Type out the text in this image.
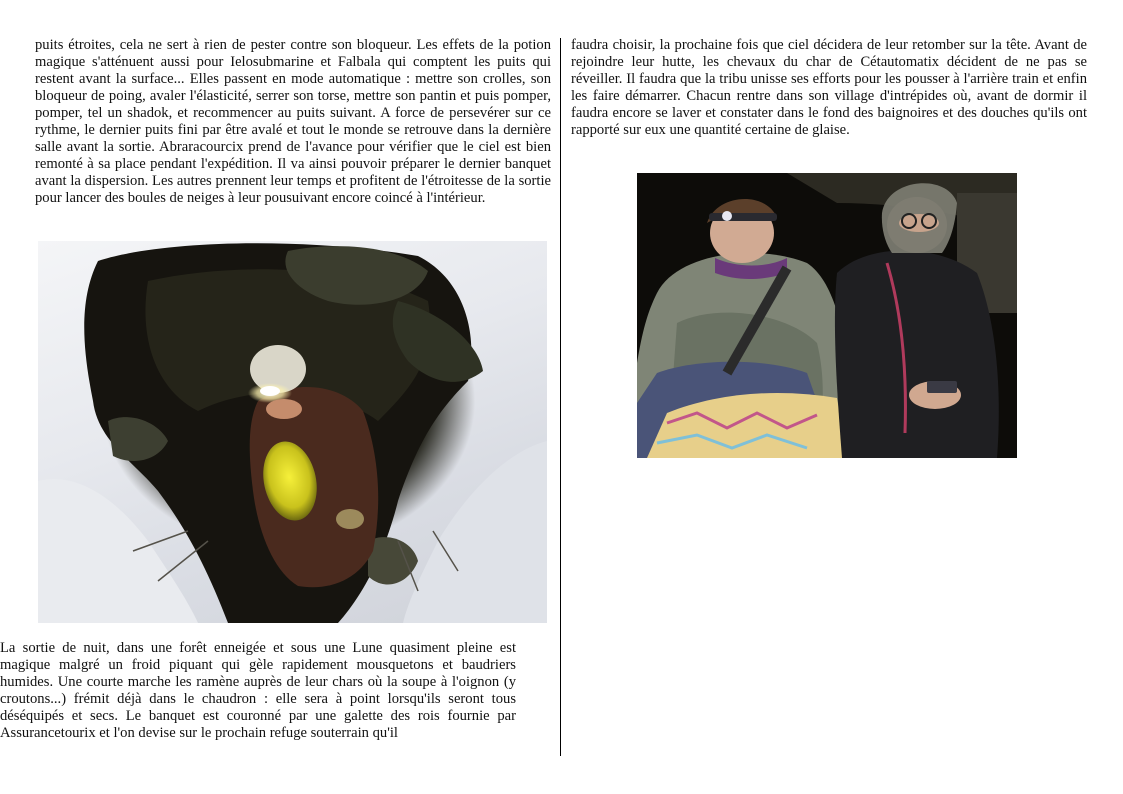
puits étroites, cela ne sert à rien de pester contre son bloqueur. Les effets de la potion magique s'atténuent aussi pour Ielosubmarine et Falbala qui comptent les puits qui restent avant la surface... Elles passent en mode automatique : mettre son crolles, son bloqueur de poing, avaler l'élasticité, serrer son torse, mettre son pantin et puis pomper, pomper, tel un shadok, et recommencer au puits suivant. A force de persevérer sur ce rythme, le dernier puits fini par être avalé et tout le monde se retrouve dans la dernière salle avant la sortie. Abraracourcix prend de l'avance pour vérifier que le ciel est bien remonté à sa place pendant l'expédition. Il va ainsi pouvoir préparer le dernier banquet avant la dispersion. Les autres prennent leur temps et profitent de l'étroitesse de la sortie pour lancer des boules de neiges à leur pousuivant encore coincé à l'intérieur.

La sortie de nuit, dans une forêt enneigée et sous une Lune quasiment pleine est magique malgré un froid piquant qui gèle rapidement mousquetons et baudriers humides. Une courte marche les ramène auprès de leur chars où la soupe à l'oignon (y croutons...) frémit déjà dans le chaudron : elle sera à point lorsqu'ils seront tous déséquipés et secs. Le banquet est couronné par une galette des rois fournie par Assurancetourix et l'on devise sur le prochain refuge souterrain qu'il

faudra choisir, la prochaine fois que ciel décidera de leur retomber sur la tête. Avant de rejoindre leur hutte, les chevaux du char de Cétautomatix décident de ne pas se réveiller. Il faudra que la tribu unisse ses efforts pour les pousser à l'arrière train et enfin les faire démarrer. Chacun rentre dans son village d'intrépides où, avant de dormir il faudra encore se laver et constater dans le fond des baignoires et des douches qu'ils ont rapporté sur eux une quantité certaine de glaise.
